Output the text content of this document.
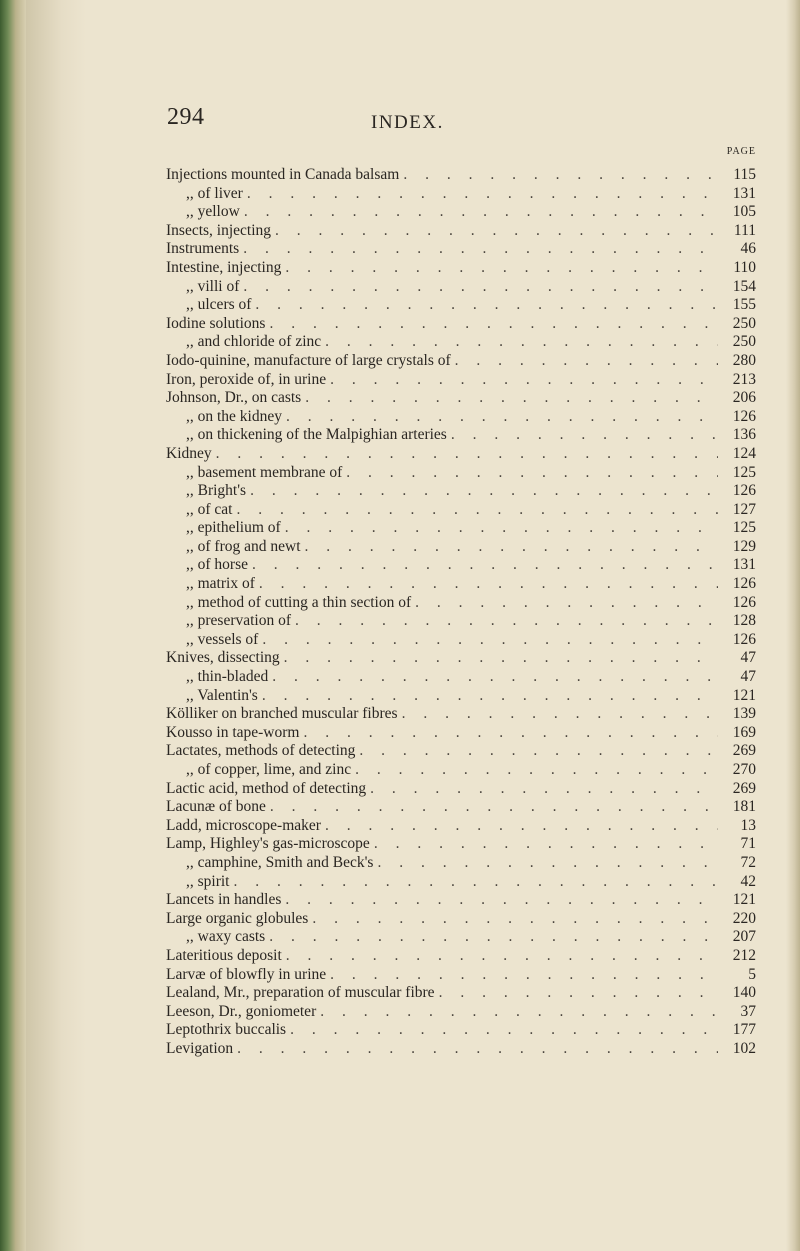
294	INDEX.
PAGE
Injections mounted in Canada balsam . . .	115
,, of liver . . .	131
,, yellow . . .	105
Insects, injecting . . .	111
Instruments . . .	46
Intestine, injecting . . .	110
,, villi of . . .	154
,, ulcers of . . .	155
Iodine solutions . . .	250
,, and chloride of zinc . . .	250
Iodo-quinine, manufacture of large crystals of . . .	280
Iron, peroxide of, in urine . . .	213
Johnson, Dr., on casts . . .	206
,, on the kidney . . .	126
,, on thickening of the Malpighian arteries . . .	136
Kidney . . .	124
,, basement membrane of . . .	125
,, Bright's . . .	126
,, of cat . . .	127
,, epithelium of . . .	125
,, of frog and newt . . .	129
,, of horse . . .	131
,, matrix of . . .	126
,, method of cutting a thin section of . . .	126
,, preservation of . . .	128
,, vessels of . . .	126
Knives, dissecting . . .	47
,, thin-bladed . . .	47
,, Valentin's . . .	121
Kölliker on branched muscular fibres . . .	139
Kousso in tape-worm . . .	169
Lactates, methods of detecting . . .	269
,, of copper, lime, and zinc . . .	270
Lactic acid, method of detecting . . .	269
Lacunæ of bone . . .	181
Ladd, microscope-maker . . .	13
Lamp, Highley's gas-microscope . . .	71
,, camphine, Smith and Beck's . . .	72
,, spirit . . .	42
Lancets in handles . . .	121
Large organic globules . . .	220
,, waxy casts . . .	207
Lateritious deposit . . .	212
Larvæ of blowfly in urine . . .	5
Lealand, Mr., preparation of muscular fibre . . .	140
Leeson, Dr., goniometer . . .	37
Leptothrix buccalis . . .	177
Levigation . . .	102
